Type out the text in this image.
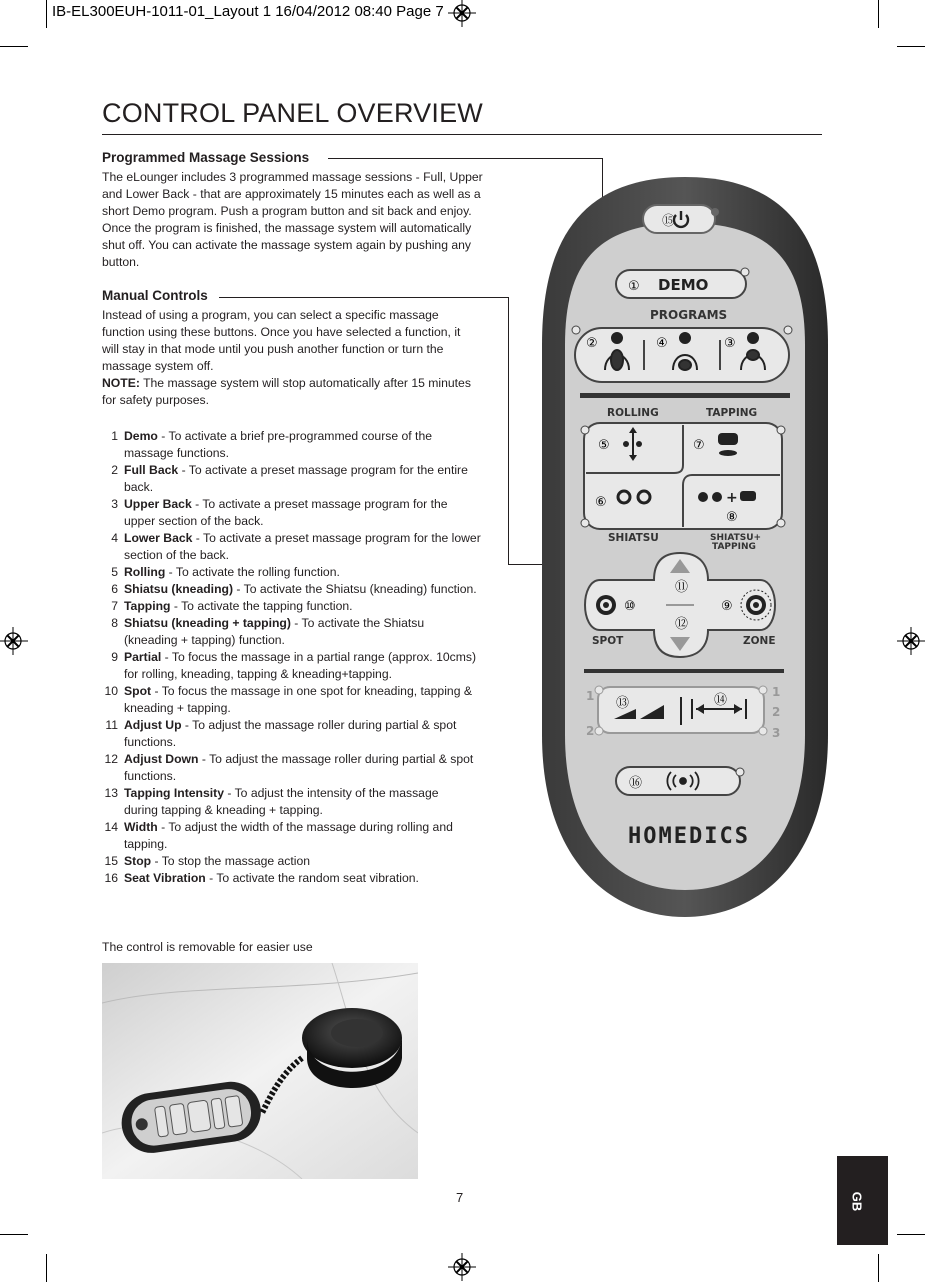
IB-EL300EUH-1011-01_Layout 1 16/04/2012 08:40 Page 7
CONTROL PANEL OVERVIEW
Programmed Massage Sessions
The eLounger includes 3 programmed massage sessions - Full, Upper
and Lower Back - that are approximately 15 minutes each as well as a
short Demo program. Push a program button and sit back and enjoy.
Once the program is finished, the massage system will automatically
shut off. You can activate the massage system again by pushing any
button.
Manual Controls
Instead of using a program, you can select a specific massage
function using these buttons. Once you have selected a function, it
will stay in that mode until you push another function or turn the
massage system off.
NOTE: The massage system will stop automatically after 15 minutes
for safety purposes.
1 Demo - To activate a brief pre-programmed course of the
massage functions.
2 Full Back - To activate a preset massage program for the entire
back.
3 Upper Back - To activate a preset massage program for the
upper section of the back.
4 Lower Back - To activate a preset massage program for the lower
section of the back.
5 Rolling - To activate the rolling function.
6 Shiatsu (kneading) - To activate the Shiatsu (kneading) function.
7 Tapping - To activate the tapping function.
8 Shiatsu (kneading + tapping) - To activate the Shiatsu
(kneading + tapping) function.
9 Partial - To focus the massage in a partial range (approx. 10cms)
for rolling, kneading, tapping & kneading+tapping.
10 Spot - To focus the massage in one spot for kneading, tapping &
kneading + tapping.
11 Adjust Up - To adjust the massage roller during partial & spot
functions.
12 Adjust Down - To adjust the massage roller during partial & spot
functions.
13 Tapping Intensity - To adjust the intensity of the massage
during tapping & kneading + tapping.
14 Width - To adjust the width of the massage during rolling and
tapping.
15 Stop - To stop the massage action
16 Seat Vibration - To activate the random seat vibration.
⑮
① DEMO
PROGRAMS
②	④	③
ROLLING	TAPPING
⑤	⑦
⑥
⑧
+
SHIATSU	SHIATSU+
TAPPING
⑪
⑫
⑩	⑨
SPOT	ZONE
1
2
1
2
3
⑬	⑭
⑯
HOMEDICS
The control is removable for easier use
7	GB
